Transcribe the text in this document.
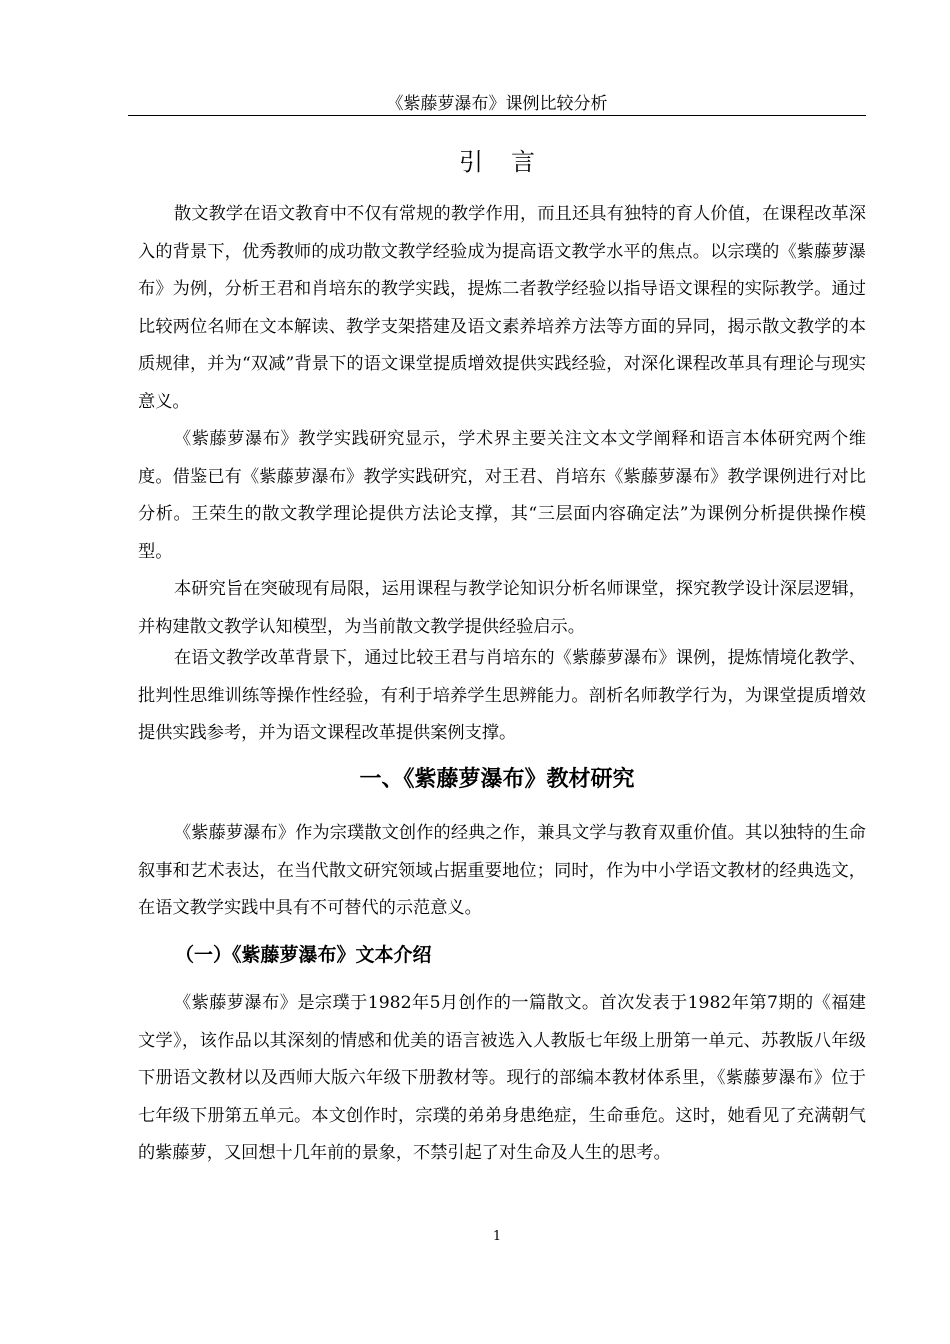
《紫藤萝瀑布》课例比较分析
引言

散文教学在语文教育中不仅有常规的教学作用，而且还具有独特的育人价值，在课程改革深入的背景下，优秀教师的成功散文教学经验成为提高语文教学水平的焦点。以宗璞的《紫藤萝瀑布》为例，分析王君和肖培东的教学实践，提炼二者教学经验以指导语文课程的实际教学。通过比较两位名师在文本解读、教学支架搭建及语文素养培养方法等方面的异同，揭示散文教学的本质规律，并为“双减”背景下的语文课堂提质增效提供实践经验，对深化课程改革具有理论与现实意义。

《紫藤萝瀑布》教学实践研究显示，学术界主要关注文本文学阐释和语言本体研究两个维度。借鉴已有《紫藤萝瀑布》教学实践研究，对王君、肖培东《紫藤萝瀑布》教学课例进行对比分析。王荣生的散文教学理论提供方法论支撑，其“三层面内容确定法”为课例分析提供操作模型。

本研究旨在突破现有局限，运用课程与教学论知识分析名师课堂，探究教学设计深层逻辑，并构建散文教学认知模型，为当前散文教学提供经验启示。

在语文教学改革背景下，通过比较王君与肖培东的《紫藤萝瀑布》课例，提炼情境化教学、批判性思维训练等操作性经验，有利于培养学生思辨能力。剖析名师教学行为，为课堂提质增效提供实践参考，并为语文课程改革提供案例支撑。

一、《紫藤萝瀑布》教材研究

《紫藤萝瀑布》作为宗璞散文创作的经典之作，兼具文学与教育双重价值。其以独特的生命叙事和艺术表达，在当代散文研究领域占据重要地位；同时，作为中小学语文教材的经典选文，在语文教学实践中具有不可替代的示范意义。

（一）《紫藤萝瀑布》文本介绍

《紫藤萝瀑布》是宗璞于1982年5月创作的一篇散文。首次发表于1982年第7期的《福建文学》，该作品以其深刻的情感和优美的语言被选入人教版七年级上册第一单元、苏教版八年级下册语文教材以及西师大版六年级下册教材等。现行的部编本教材体系里，《紫藤萝瀑布》位于七年级下册第五单元。本文创作时，宗璞的弟弟身患绝症，生命垂危。这时，她看见了充满朝气的紫藤萝，又回想十几年前的景象，不禁引起了对生命及人生的思考。

1
